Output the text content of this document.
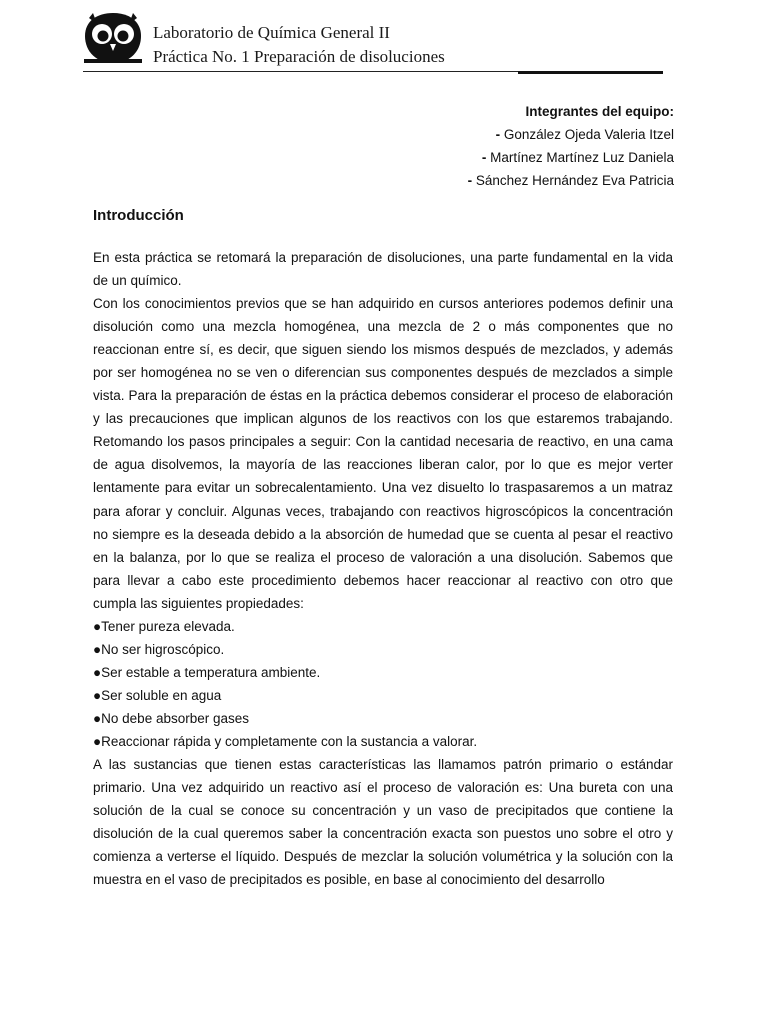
Laboratorio de Química General II
Práctica No. 1 Preparación de disoluciones
Integrantes del equipo:
- González Ojeda Valeria Itzel
- Martínez Martínez Luz Daniela
- Sánchez Hernández Eva Patricia
Introducción

En esta práctica se retomará la preparación de disoluciones, una parte fundamental en la vida de un químico.

Con los conocimientos previos que se han adquirido en cursos anteriores podemos definir una disolución como una mezcla homogénea, una mezcla de 2 o más componentes que no reaccionan entre sí, es decir, que siguen siendo los mismos después de mezclados, y además por ser homogénea no se ven o diferencian sus componentes después de mezclados a simple vista. Para la preparación de éstas en la práctica debemos considerar el proceso de elaboración y las precauciones que implican algunos de los reactivos con los que estaremos trabajando. Retomando los pasos principales a seguir: Con la cantidad necesaria de reactivo, en una cama de agua disolvemos, la mayoría de las reacciones liberan calor, por lo que es mejor verter lentamente para evitar un sobrecalentamiento. Una vez disuelto lo traspasaremos a un matraz para aforar y concluir. Algunas veces, trabajando con reactivos higroscópicos la concentración no siempre es la deseada debido a la absorción de humedad que se cuenta al pesar el reactivo en la balanza, por lo que se realiza el proceso de valoración a una disolución. Sabemos que para llevar a cabo este procedimiento debemos hacer reaccionar al reactivo con otro que cumpla las siguientes propiedades:

●Tener pureza elevada.
●No ser higroscópico.
●Ser estable a temperatura ambiente.
●Ser soluble en agua
●No debe absorber gases
●Reaccionar rápida y completamente con la sustancia a valorar.

A las sustancias que tienen estas características las llamamos patrón primario o estándar primario. Una vez adquirido un reactivo así el proceso de valoración es: Una bureta con una solución de la cual se conoce su concentración y un vaso de precipitados que contiene la disolución de la cual queremos saber la concentración exacta son puestos uno sobre el otro y comienza a verterse el líquido. Después de mezclar la solución volumétrica y la solución con la muestra en el vaso de precipitados es posible, en base al conocimiento del desarrollo
